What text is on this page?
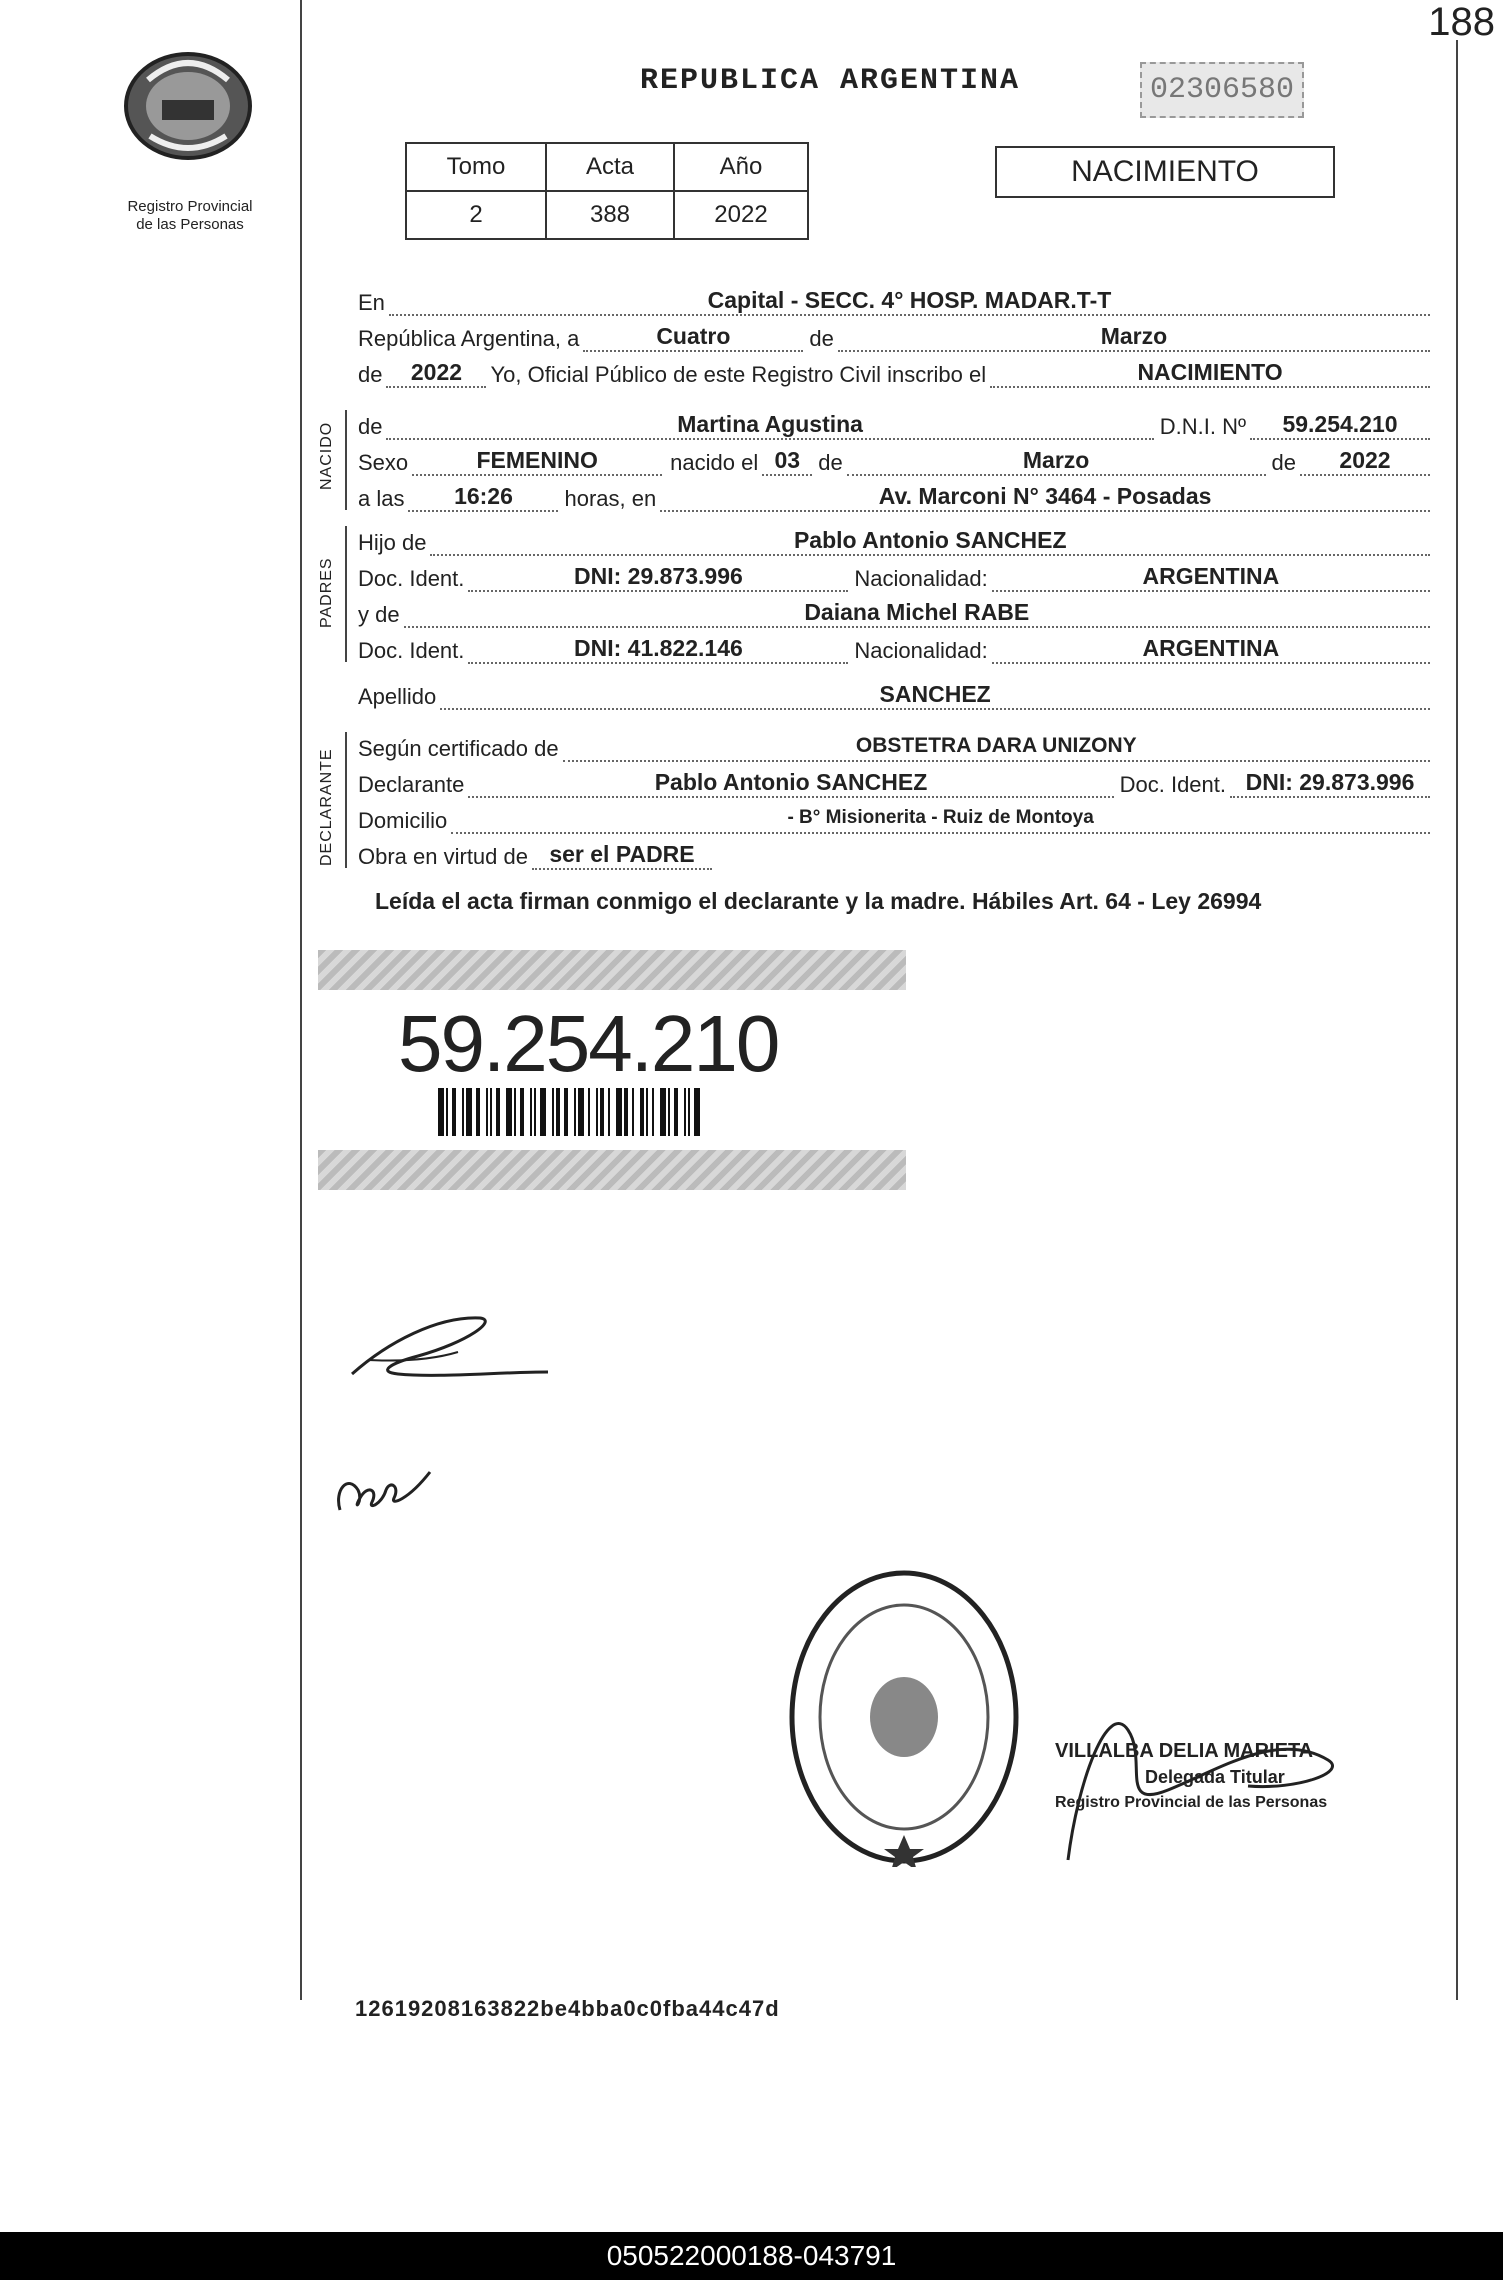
188
Registro Provincial
de las Personas
REPUBLICA ARGENTINA	02306580
Tomo	Acta	Año
2	388	2022
NACIMIENTO
NACIDO
PADRES
DECLARANTE
En	Capital - SECC. 4° HOSP. MADAR.T-T
República Argentina, a	Cuatro	de	Marzo
de	2022	Yo, Oficial Público de este Registro Civil inscribo el	NACIMIENTO
de	Martina Agustina	D.N.I. Nº	59.254.210
Sexo	FEMENINO	nacido el 03 de	Marzo	de	2022
a las	16:26	horas, en	Av. Marconi N° 3464 - Posadas
Hijo de	Pablo Antonio SANCHEZ
Doc. Ident.	DNI: 29.873.996	Nacionalidad:	ARGENTINA
y de	Daiana Michel RABE
Doc. Ident.	DNI: 41.822.146	Nacionalidad:	ARGENTINA
Apellido	SANCHEZ
Según certificado de	OBSTETRA DARA UNIZONY
Declarante	Pablo Antonio SANCHEZ	Doc. Ident. DNI: 29.873.996
Domicilio	- B° Misionerita - Ruiz de Montoya
Obra en virtud de ser el PADRE
Leída el acta firman conmigo el declarante y la madre. Hábiles Art. 64 - Ley 26994
59.254.210
VILLALBA DELIA MARIETA
Delegada Titular
Registro Provincial de las Personas
12619208163822be4bba0c0fba44c47d
050522000188-043791
